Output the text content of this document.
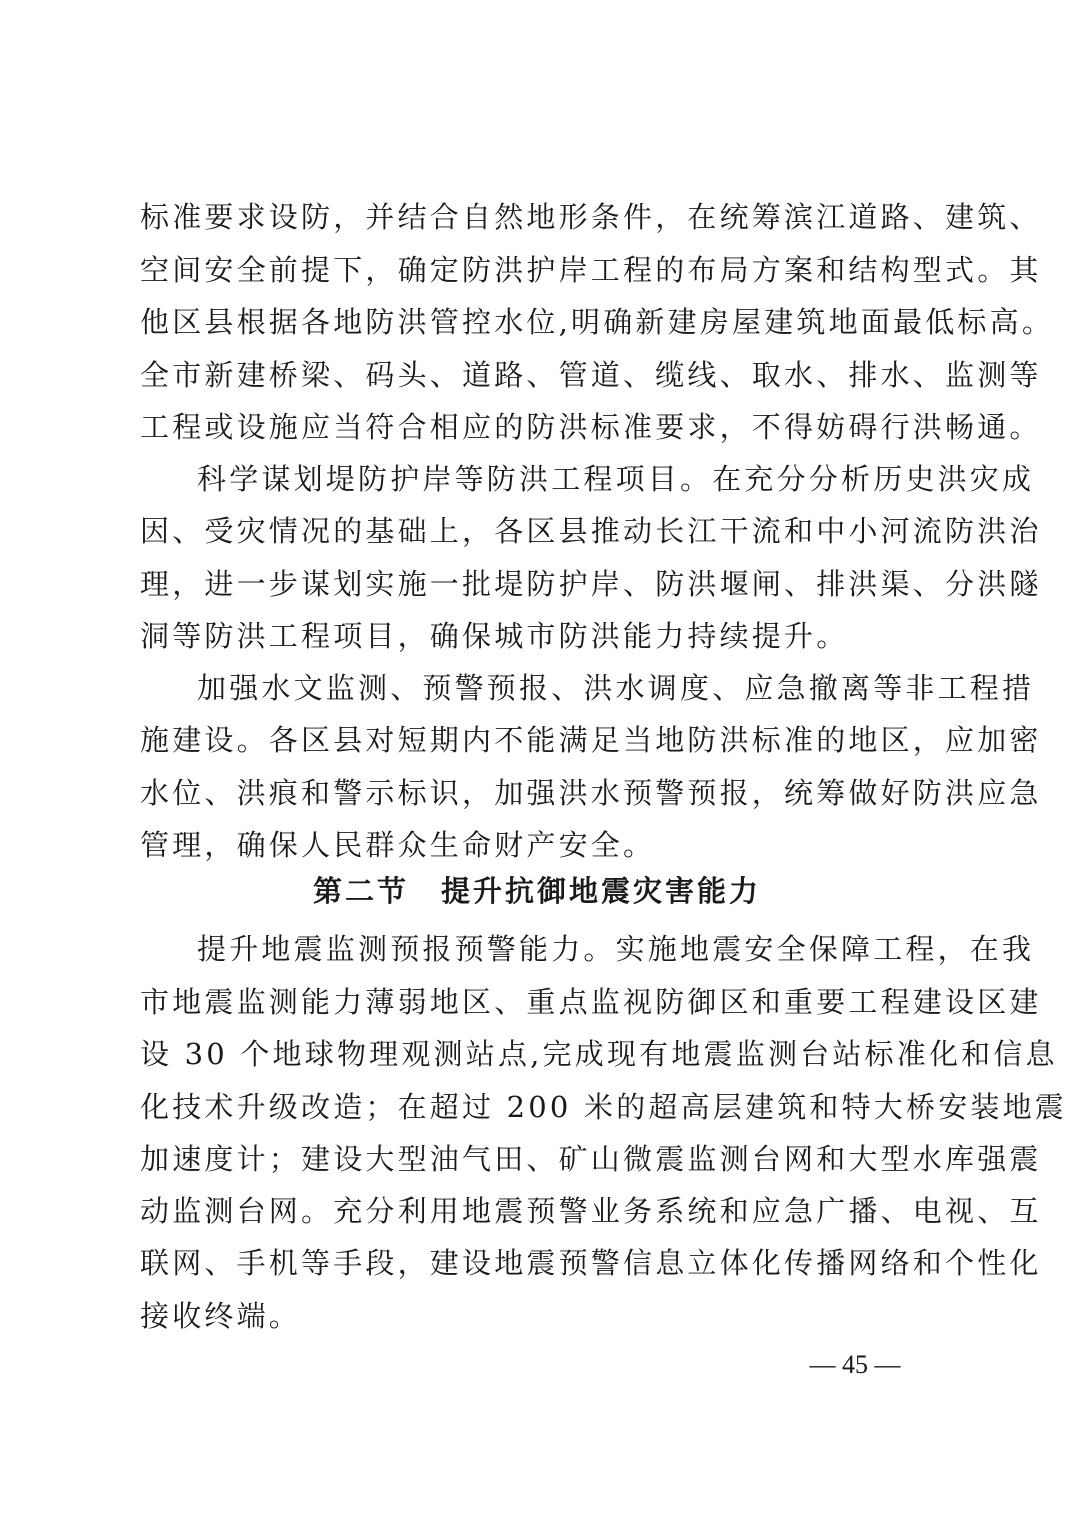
标准要求设防，并结合自然地形条件，在统筹滨江道路、建筑、
空间安全前提下，确定防洪护岸工程的布局方案和结构型式。其
他区县根据各地防洪管控水位,明确新建房屋建筑地面最低标高。
全市新建桥梁、码头、道路、管道、缆线、取水、排水、监测等
工程或设施应当符合相应的防洪标准要求，不得妨碍行洪畅通。
科学谋划堤防护岸等防洪工程项目。在充分分析历史洪灾成
因、受灾情况的基础上，各区县推动长江干流和中小河流防洪治
理，进一步谋划实施一批堤防护岸、防洪堰闸、排洪渠、分洪隧
洞等防洪工程项目，确保城市防洪能力持续提升。
加强水文监测、预警预报、洪水调度、应急撤离等非工程措
施建设。各区县对短期内不能满足当地防洪标准的地区，应加密
水位、洪痕和警示标识，加强洪水预警预报，统筹做好防洪应急
管理，确保人民群众生命财产安全。
第二节　提升抗御地震灾害能力
提升地震监测预报预警能力。实施地震安全保障工程，在我
市地震监测能力薄弱地区、重点监视防御区和重要工程建设区建
设 30 个地球物理观测站点,完成现有地震监测台站标准化和信息
化技术升级改造；在超过 200 米的超高层建筑和特大桥安装地震
加速度计；建设大型油气田、矿山微震监测台网和大型水库强震
动监测台网。充分利用地震预警业务系统和应急广播、电视、互
联网、手机等手段，建设地震预警信息立体化传播网络和个性化
接收终端。
— 45 —
